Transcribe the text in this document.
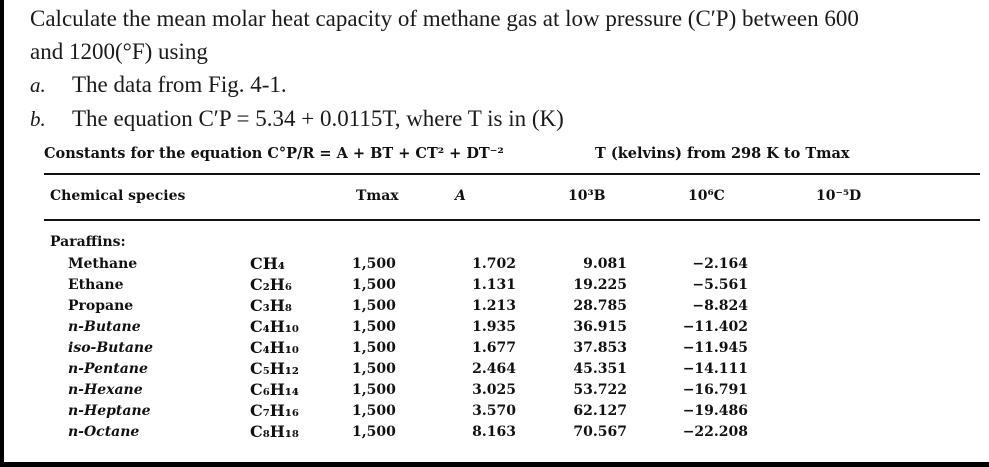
Calculate the mean molar heat capacity of methane gas at low pressure (C′P) between 600
and 1200(°F) using
a. The data from Fig. 4-1.
b. The equation C′P = 5.34 + 0.0115T, where T is in (K)
Constants for the equation C°P/R = A + BT + CT² + DT⁻²	T (kelvins) from 298 K to Tmax
Chemical species	Tmax	A	10³B	10⁶C	10⁻⁵D
Paraffins:
Methane	CH₄	1,500	1.702	9.081	−2.164
Ethane	C₂H₆	1,500	1.131	19.225	−5.561
Propane	C₃H₈	1,500	1.213	28.785	−8.824
n-Butane	C₄H₁₀	1,500	1.935	36.915	−11.402
iso-Butane	C₄H₁₀	1,500	1.677	37.853	−11.945
n-Pentane	C₅H₁₂	1,500	2.464	45.351	−14.111
n-Hexane	C₆H₁₄	1,500	3.025	53.722	−16.791
n-Heptane	C₇H₁₆	1,500	3.570	62.127	−19.486
n-Octane	C₈H₁₈	1,500	8.163	70.567	−22.208
